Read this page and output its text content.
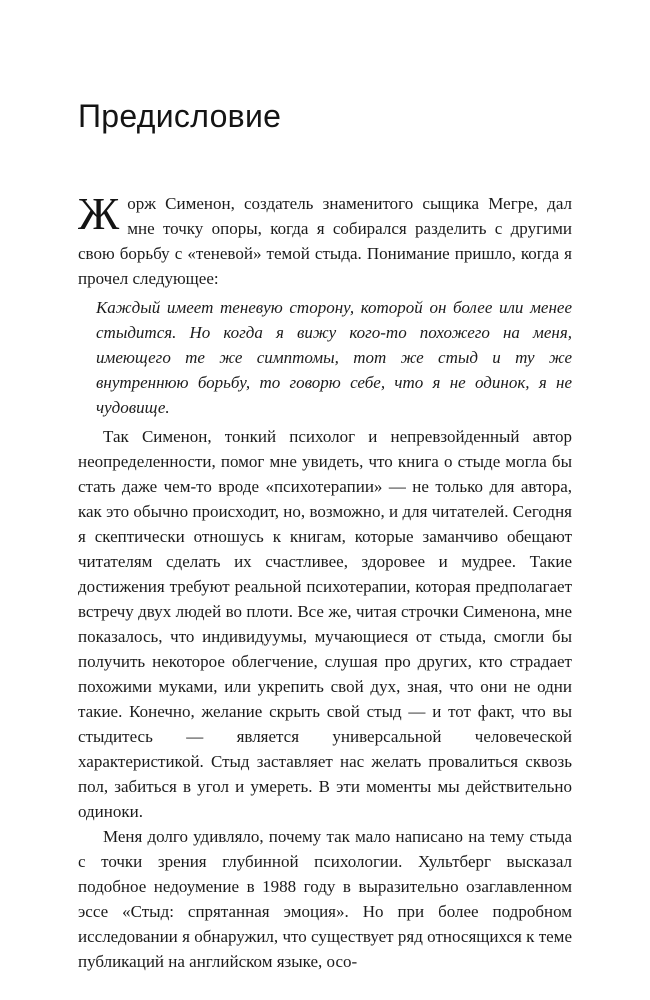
Предисловие

Жорж Сименон, создатель знаменитого сыщика Мегре, дал мне точку опоры, когда я собирался разделить с другими свою борьбу с «теневой» темой стыда. Понимание пришло, когда я прочел следующее:

Каждый имеет теневую сторону, которой он более или менее стыдится. Но когда я вижу кого-то похожего на меня, имеющего те же симптомы, тот же стыд и ту же внутреннюю борьбу, то говорю себе, что я не одинок, я не чудовище.

Так Сименон, тонкий психолог и непревзойденный автор неопределенности, помог мне увидеть, что книга о стыде могла бы стать даже чем-то вроде «психотерапии» — не только для автора, как это обычно происходит, но, возможно, и для читателей. Сегодня я скептически отношусь к книгам, которые заманчиво обещают читателям сделать их счастливее, здоровее и мудрее. Такие достижения требуют реальной психотерапии, которая предполагает встречу двух людей во плоти. Все же, читая строчки Сименона, мне показалось, что индивидуумы, мучающиеся от стыда, смогли бы получить некоторое облегчение, слушая про других, кто страдает похожими муками, или укрепить свой дух, зная, что они не одни такие. Конечно, желание скрыть свой стыд — и тот факт, что вы стыдитесь — является универсальной человеческой характеристикой. Стыд заставляет нас желать провалиться сквозь пол, забиться в угол и умереть. В эти моменты мы действительно одиноки.

Меня долго удивляло, почему так мало написано на тему стыда с точки зрения глубинной психологии. Хультберг высказал подобное недоумение в 1988 году в выразительно озаглавленном эссе «Стыд: спрятанная эмоция». Но при более подробном исследовании я обнаружил, что существует ряд относящихся к теме публикаций на английском языке, осо-
